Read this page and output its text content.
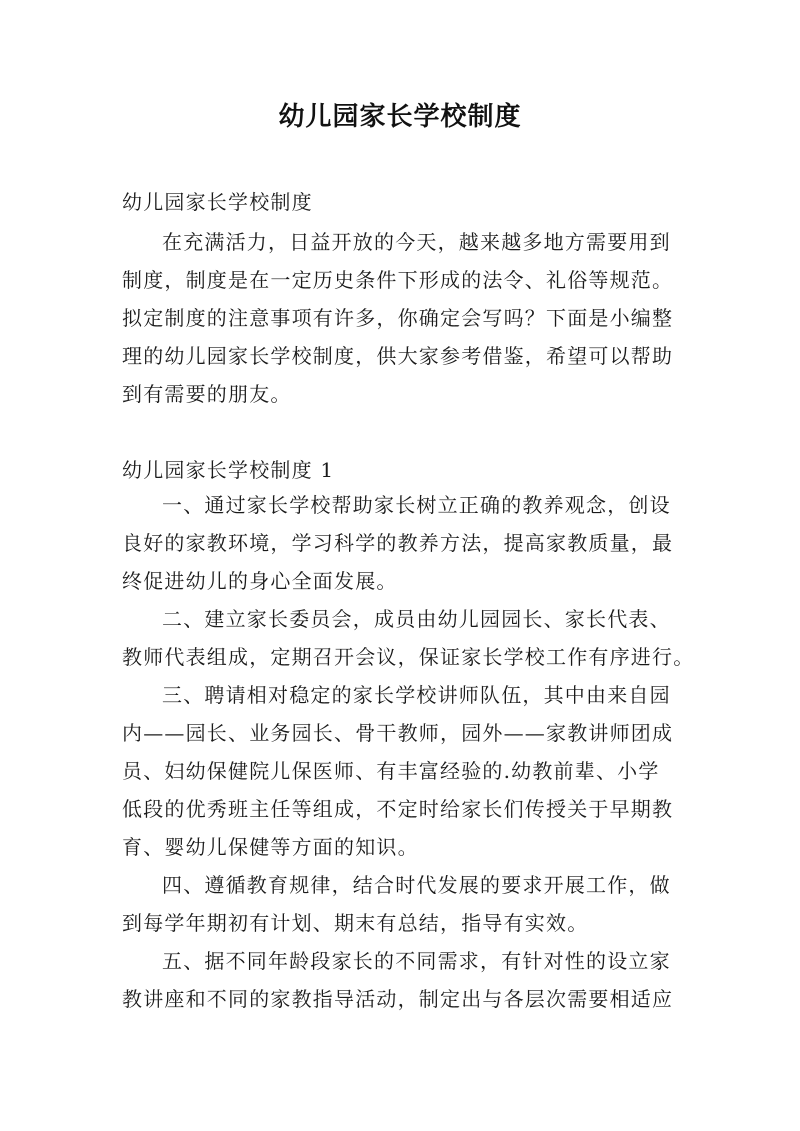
幼儿园家长学校制度
幼儿园家长学校制度
在充满活力，日益开放的今天，越来越多地方需要用到
制度，制度是在一定历史条件下形成的法令、礼俗等规范。
拟定制度的注意事项有许多，你确定会写吗？下面是小编整
理的幼儿园家长学校制度，供大家参考借鉴，希望可以帮助
到有需要的朋友。
幼儿园家长学校制度 1
一、通过家长学校帮助家长树立正确的教养观念，创设
良好的家教环境，学习科学的教养方法，提高家教质量，最
终促进幼儿的身心全面发展。
二、建立家长委员会，成员由幼儿园园长、家长代表、
教师代表组成，定期召开会议，保证家长学校工作有序进行。
三、聘请相对稳定的家长学校讲师队伍，其中由来自园
内——园长、业务园长、骨干教师，园外——家教讲师团成
员、妇幼保健院儿保医师、有丰富经验的.幼教前辈、小学
低段的优秀班主任等组成，不定时给家长们传授关于早期教
育、婴幼儿保健等方面的知识。
四、遵循教育规律，结合时代发展的要求开展工作，做
到每学年期初有计划、期末有总结，指导有实效。
五、据不同年龄段家长的不同需求，有针对性的设立家
教讲座和不同的家教指导活动，制定出与各层次需要相适应
